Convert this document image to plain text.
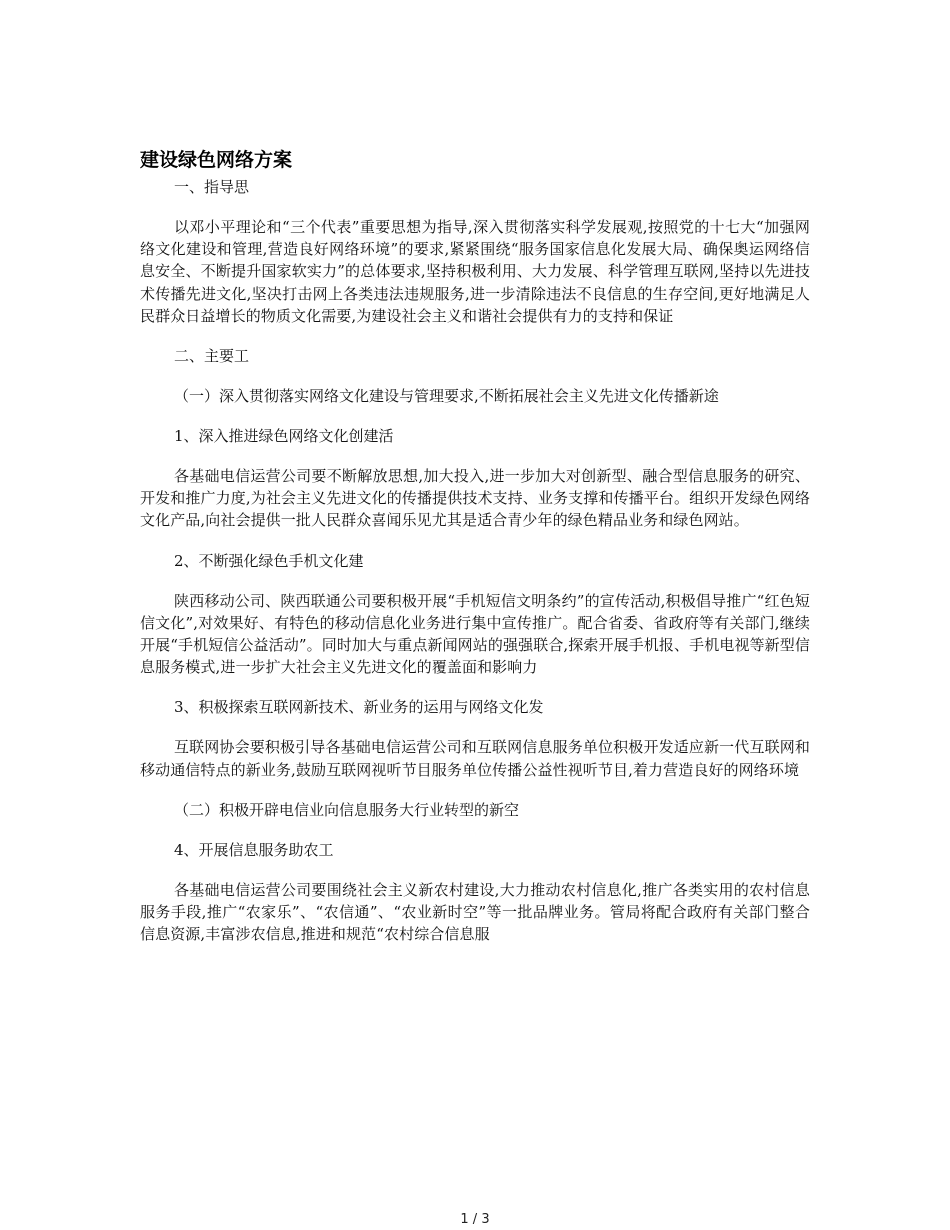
建设绿色网络方案

一、指导思

以邓小平理论和“三个代表”重要思想为指导,深入贯彻落实科学发展观,按照党的十七大“加强网络文化建设和管理,营造良好网络环境”的要求,紧紧围绕“服务国家信息化发展大局、确保奥运网络信息安全、不断提升国家软实力”的总体要求,坚持积极利用、大力发展、科学管理互联网,坚持以先进技术传播先进文化,坚决打击网上各类违法违规服务,进一步清除违法不良信息的生存空间,更好地满足人民群众日益增长的物质文化需要,为建设社会主义和谐社会提供有力的支持和保证

二、主要工

（一）深入贯彻落实网络文化建设与管理要求,不断拓展社会主义先进文化传播新途

1、深入推进绿色网络文化创建活

各基础电信运营公司要不断解放思想,加大投入,进一步加大对创新型、融合型信息服务的研究、开发和推广力度,为社会主义先进文化的传播提供技术支持、业务支撑和传播平台。组织开发绿色网络文化产品,向社会提供一批人民群众喜闻乐见尤其是适合青少年的绿色精品业务和绿色网站。

2、不断强化绿色手机文化建

陕西移动公司、陕西联通公司要积极开展“手机短信文明条约”的宣传活动,积极倡导推广“红色短信文化”,对效果好、有特色的移动信息化业务进行集中宣传推广。配合省委、省政府等有关部门,继续开展“手机短信公益活动”。同时加大与重点新闻网站的强强联合,探索开展手机报、手机电视等新型信息服务模式,进一步扩大社会主义先进文化的覆盖面和影响力

3、积极探索互联网新技术、新业务的运用与网络文化发

互联网协会要积极引导各基础电信运营公司和互联网信息服务单位积极开发适应新一代互联网和移动通信特点的新业务,鼓励互联网视听节目服务单位传播公益性视听节目,着力营造良好的网络环境

（二）积极开辟电信业向信息服务大行业转型的新空

4、开展信息服务助农工

各基础电信运营公司要围绕社会主义新农村建设,大力推动农村信息化,推广各类实用的农村信息服务手段,推广“农家乐”、“农信通”、“农业新时空”等一批品牌业务。管局将配合政府有关部门整合信息资源,丰富涉农信息,推进和规范“农村综合信息服

1 / 3
